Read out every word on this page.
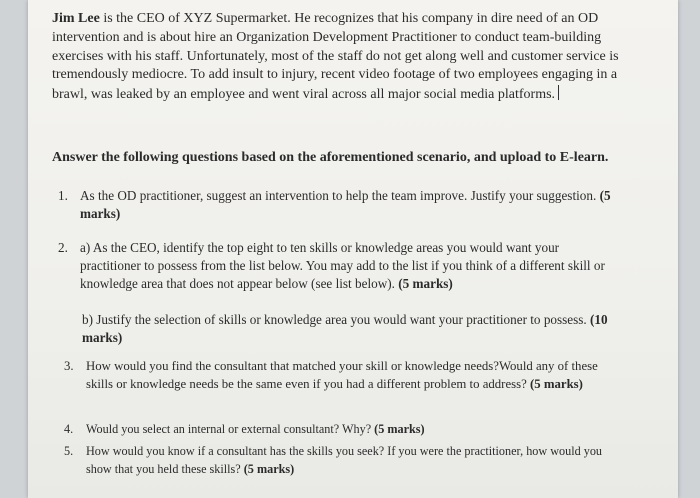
Jim Lee is the CEO of XYZ Supermarket. He recognizes that his company in dire need of an OD intervention and is about hire an Organization Development Practitioner to conduct team-building exercises with his staff. Unfortunately, most of the staff do not get along well and customer service is tremendously mediocre. To add insult to injury, recent video footage of two employees engaging in a brawl, was leaked by an employee and went viral across all major social media platforms.
Answer the following questions based on the aforementioned scenario, and upload to E-learn.
1. As the OD practitioner, suggest an intervention to help the team improve. Justify your suggestion. (5 marks)
2. a) As the CEO, identify the top eight to ten skills or knowledge areas you would want your practitioner to possess from the list below. You may add to the list if you think of a different skill or knowledge area that does not appear below (see list below). (5 marks)
b) Justify the selection of skills or knowledge area you would want your practitioner to possess. (10 marks)
3. How would you find the consultant that matched your skill or knowledge needs?Would any of these skills or knowledge needs be the same even if you had a different problem to address? (5 marks)
4. Would you select an internal or external consultant? Why? (5 marks)
5. How would you know if a consultant has the skills you seek? If you were the practitioner, how would you show that you held these skills? (5 marks)
